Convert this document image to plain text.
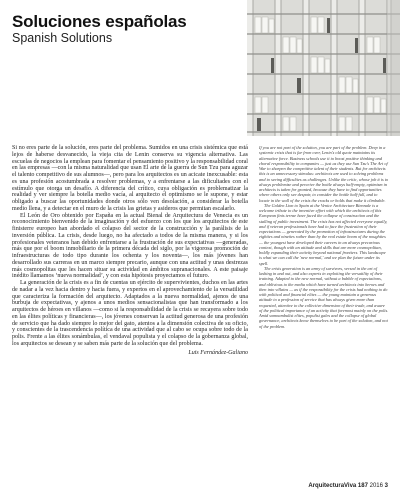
Soluciones españolas
Spanish Solutions

Si no eres parte de la solución, eres parte del problema. Sumidos en una crisis sistémica que está lejos de haberse desvanecido, la vieja cita de Lenin conserva su vigencia alternativa. Las escuelas de negocios la emplean para fomentar el pensamiento positivo y la responsabilidad coral en las empresas —con la misma naturalidad que usan El arte de la guerra de Sun Tzu para aguzar el talento competitivo de sus alumnos—, pero para los arquitectos es un acicate inexcusable: esta es una profesión acostumbrada a resolver problemas, y a enfrentarse a las dificultades con el estímulo que otorga un desafío. A diferencia del crítico, cuya obligación es problematizar la realidad y ver siempre la botella medio vacía, al arquitecto el optimismo se le supone, y estar obligado a buscar las oportunidades donde otros sólo ven desolación, a considerar la botella medio llena, y a detectar en el muro de la crisis las grietas y asideros que permitan escalarlo.

El León de Oro obtenido por España en la actual Bienal de Arquitectura de Venecia es un reconocimiento bienvenido de la imaginación y del esfuerzo con los que los arquitectos de este finisterre europeo han abordado el colapso del sector de la construcción y la parálisis de la inversión pública. La crisis, desde luego, no ha afectado a todos de la misma manera, y si los profesionales veteranos han debido enfrentarse a la frustración de sus expectativas —generadas, más que por el boom inmobiliario de la primera década del siglo, por la vigorosa promoción de infraestructuras de todo tipo durante los ochenta y los noventa—, los más jóvenes han desarrollado sus carreras en un marco siempre precario, aunque con una actitud y unas destrezas más cosmopolitas que les hacen situar su actividad en ámbitos supranacionales. A este paisaje inédito llamamos ‘nueva normalidad’, y con esta hipótesis proyectamos el futuro.

La generación de la crisis es a fin de cuentas un ejército de supervivientes, duchos en las artes de nadar a la vez hacia dentro y hacia fuera, y expertos en el aprovechamiento de la versatilidad que caracteriza la formación del arquitecto. Adaptados a la nueva normalidad, ajenos de una burbuja de expectativas, y ajenos a unos medios sensacionalistas que han transformado a los arquitectos de héroes en villanos —como si la responsabilidad de la crisis se recayera sobre todo en las élites políticas y financieras—, los jóvenes conservan la actitud generosa de una profesión de servicio que ha dado siempre lo mejor del gato, atentos a la dimensión colectiva de su oficio, y conscientes de la trascendencia política de una actividad que al cabo se ocupa sobre todo de la polis. Frente a las élites sonámbulas, el vendaval populista y el colapso de la gobernanza global, los arquitectos se desean y se saben más parte de la solución que del problema.

Luis Fernández-Galiano

If you are not part of the solution, you are part of the problem. Deep in a systemic crisis that is far from over, Lenin's old quote maintains its alternative force. Business schools use it to boost positive thinking and choral responsibility in companies — just as they use Sun Tzu's The Art of War to sharpen the competitive talent of their students. But for architects this is an unnecessary stimulus: architects are used to solving problems and to seeing difficulties as challenges. Unlike the critic, whose job it is to always problemize and perceive the bottle always half-empty, optimism in architects is taken for granted, because they have to find opportunities where others only see despair, to consider the bottle half-full, and to locate in the wall of the crisis the cracks or holds that make it climbable.

The Golden Lion to Spain at the Venice Architecture Biennale is a welcome tribute to the inventive effort with which the architects of this European finis terrae have faced the collapse of construction and the stalling of public investment. The crisis has not affected everyone equally, and if veteran professionals have had to face the frustration of their expectations — generated by the promotion of infrastructures during the eighties and nineties rather than by the real estate boom of the noughties — the youngest have developed their careers in an always precarious context, though with an attitude and skills that are more cosmopolitan, boldly expanding their activity beyond national frontiers. This landscape is what we can call the 'new normal,' and we plan the future under its spell.

The crisis generation is an army of survivors, versed in the art of lashing in and out, and also experts in exploiting the versatility of their training. Adapted to the new normal, without a bubble of expectations, and oblivious to the media which have turned architects into heroes and then into villains — as if the responsibility for the crisis had nothing to do with political and financial elites — the young maintain a generous attitude to a profession of service that has always given more than requested, attentive to the collective dimension of their trade, and aware of the political importance of an activity that foremost mainly on the polis. Amid somnambulist elites, populist gales and the collapse of global governance, architects know themselves to be part of the solution, and not of the problem.

ArquitecturaViva 187 2016 3
